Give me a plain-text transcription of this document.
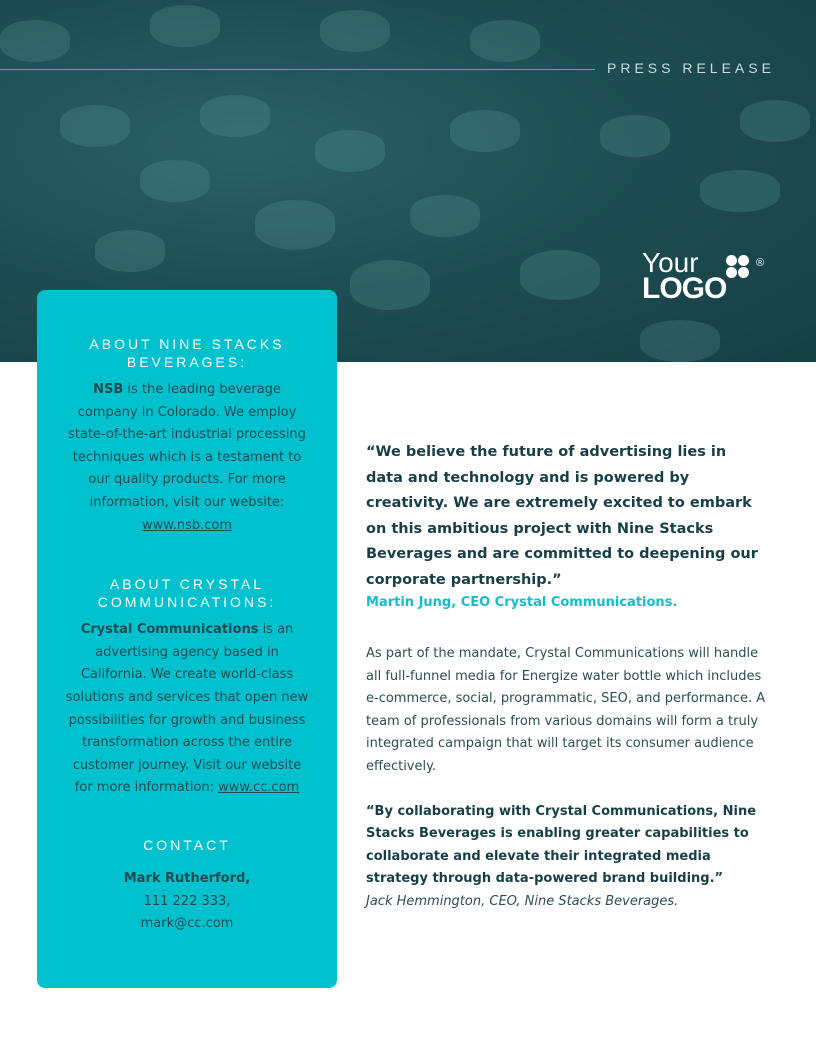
PRESS RELEASE
Your
LOGO
®
ABOUT NINE STACKS BEVERAGES:
NSB is the leading beverage company in Colorado. We employ state-of-the-art industrial processing techniques which is a testament to our quality products. For more information, visit our website: www.nsb.com
ABOUT CRYSTAL COMMUNICATIONS:
Crystal Communications is an advertising agency based in California. We create world-class solutions and services that open new possibilities for growth and business transformation across the entire customer journey. Visit our website for more information: www.cc.com
CONTACT
Mark Rutherford,
111 222 333,
mark@cc.com
“We believe the future of advertising lies in data and technology and is powered by creativity. We are extremely excited to embark on this ambitious project with Nine Stacks Beverages and are committed to deepening our corporate partnership.”
Martin Jung, CEO Crystal Communications.
As part of the mandate, Crystal Communications will handle all full-funnel media for Energize water bottle which includes e-commerce, social, programmatic, SEO, and performance. A team of professionals from various domains will form a truly integrated campaign that will target its consumer audience effectively.
“By collaborating with Crystal Communications, Nine Stacks Beverages is enabling greater capabilities to collaborate and elevate their integrated media strategy through data-powered brand building.”
Jack Hemmington, CEO, Nine Stacks Beverages.
